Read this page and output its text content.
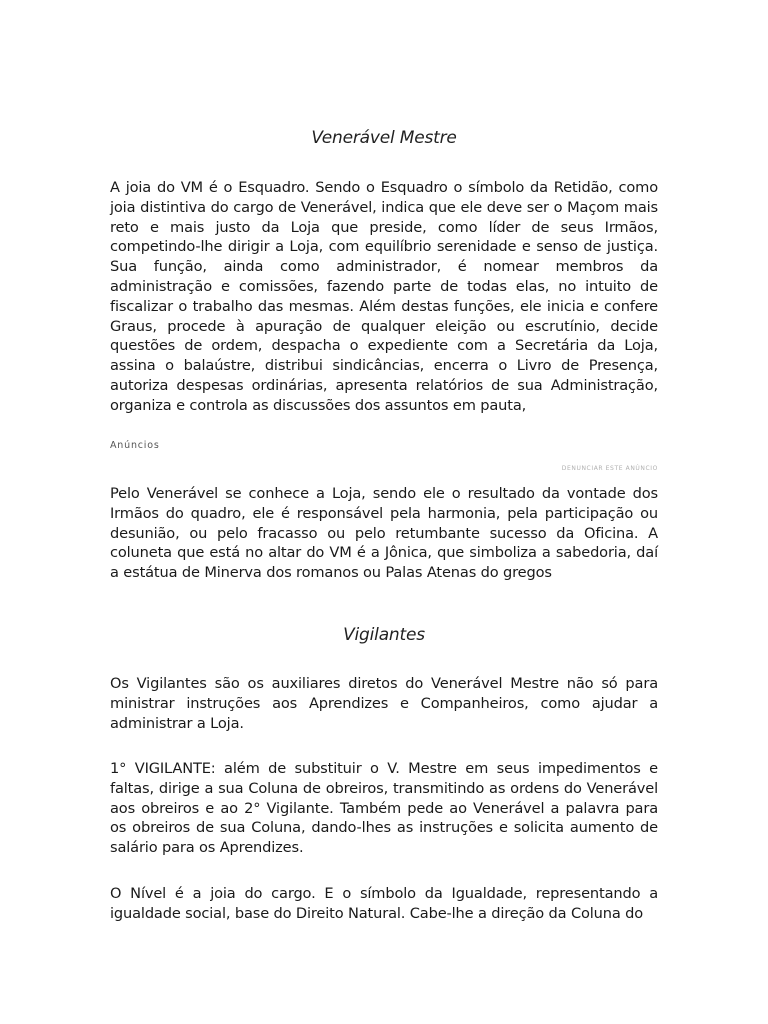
Venerável Mestre

A joia do VM é o Esquadro. Sendo o Esquadro o símbolo da Retidão, como joia distintiva do cargo de Venerável, indica que ele deve ser o Maçom mais reto e mais justo da Loja que preside, como líder de seus Irmãos, competindo-lhe dirigir a Loja, com equilíbrio serenidade e senso de justiça. Sua função, ainda como administrador, é nomear membros da administração e comissões, fazendo parte de todas elas, no intuito de fiscalizar o trabalho das mesmas. Além destas funções, ele inicia e confere Graus, procede à apuração de qualquer eleição ou escrutínio, decide questões de ordem, despacha o expediente com a Secretária da Loja, assina o balaústre, distribui sindicâncias, encerra o Livro de Presença, autoriza despesas ordinárias, apresenta relatórios de sua Administração, organiza e controla as discussões dos assuntos em pauta,

Anúncios

DENUNCIAR ESTE ANÚNCIO

Pelo Venerável se conhece a Loja, sendo ele o resultado da vontade dos Irmãos do quadro, ele é responsável pela harmonia, pela participação ou desunião, ou pelo fracasso ou pelo retumbante sucesso da Oficina. A coluneta que está no altar do VM é a Jônica, que simboliza a sabedoria, daí a estátua de Minerva dos romanos ou Palas Atenas do gregos

Vigilantes

Os Vigilantes são os auxiliares diretos do Venerável Mestre não só para ministrar instruções aos Aprendizes e Companheiros, como ajudar a administrar a Loja.

1° VIGILANTE: além de substituir o V. Mestre em seus impedimentos e faltas, dirige a sua Coluna de obreiros, transmitindo as ordens do Venerável aos obreiros e ao 2° Vigilante. Também pede ao Venerável a palavra para os obreiros de sua Coluna, dando-lhes as instruções e solicita aumento de salário para os Aprendizes.

O Nível é a joia do cargo. E o símbolo da Igualdade, representando a igualdade social, base do Direito Natural. Cabe-lhe a direção da Coluna do
